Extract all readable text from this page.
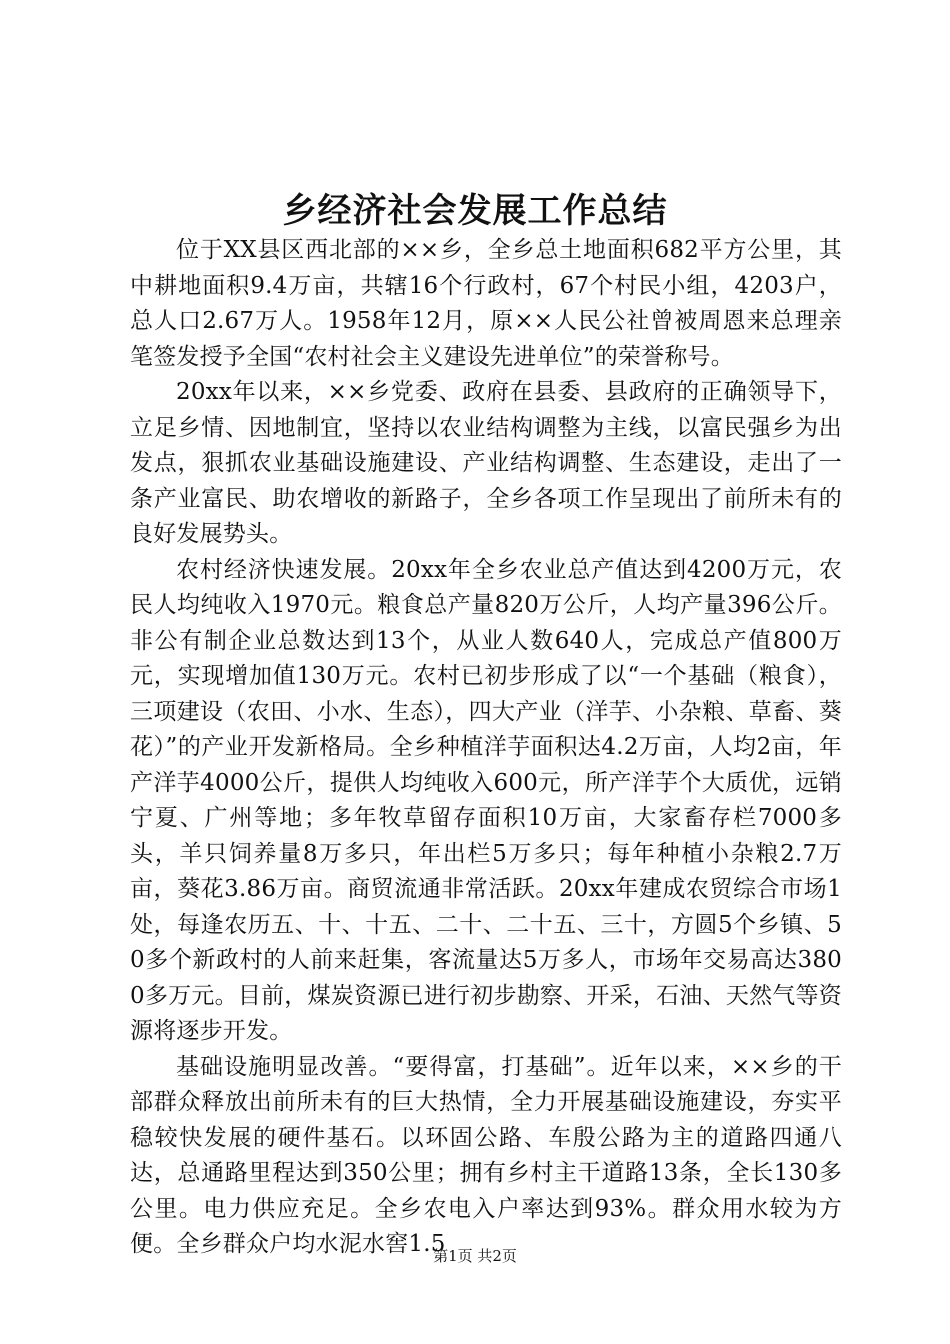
乡经济社会发展工作总结

位于XX县区西北部的××乡，全乡总土地面积682平方公里，其中耕地面积9.4万亩，共辖16个行政村，67个村民小组，4203户，总人口2.67万人。1958年12月，原××人民公社曾被周恩来总理亲笔签发授予全国“农村社会主义建设先进单位”的荣誉称号。

20xx年以来，××乡党委、政府在县委、县政府的正确领导下，立足乡情、因地制宜，坚持以农业结构调整为主线，以富民强乡为出发点，狠抓农业基础设施建设、产业结构调整、生态建设，走出了一条产业富民、助农增收的新路子，全乡各项工作呈现出了前所未有的良好发展势头。

农村经济快速发展。20xx年全乡农业总产值达到4200万元，农民人均纯收入1970元。粮食总产量820万公斤，人均产量396公斤。非公有制企业总数达到13个，从业人数640人，完成总产值800万元，实现增加值130万元。农村已初步形成了以“一个基础（粮食），三项建设（农田、小水、生态），四大产业（洋芋、小杂粮、草畜、葵花）”的产业开发新格局。全乡种植洋芋面积达4.2万亩，人均2亩，年产洋芋4000公斤，提供人均纯收入600元，所产洋芋个大质优，远销宁夏、广州等地；多年牧草留存面积10万亩，大家畜存栏7000多头，羊只饲养量8万多只，年出栏5万多只；每年种植小杂粮2.7万亩，葵花3.86万亩。商贸流通非常活跃。20xx年建成农贸综合市场1处，每逢农历五、十、十五、二十、二十五、三十，方圆5个乡镇、50多个新政村的人前来赶集，客流量达5万多人，市场年交易高达3800多万元。目前，煤炭资源已进行初步勘察、开采，石油、天然气等资源将逐步开发。

基础设施明显改善。“要得富，打基础”。近年以来，××乡的干部群众释放出前所未有的巨大热情，全力开展基础设施建设，夯实平稳较快发展的硬件基石。以环固公路、车殷公路为主的道路四通八达，总通路里程达到350公里；拥有乡村主干道路13条，全长130多公里。电力供应充足。全乡农电入户率达到93%。群众用水较为方便。全乡群众户均水泥水窖1.5

第1页 共2页
